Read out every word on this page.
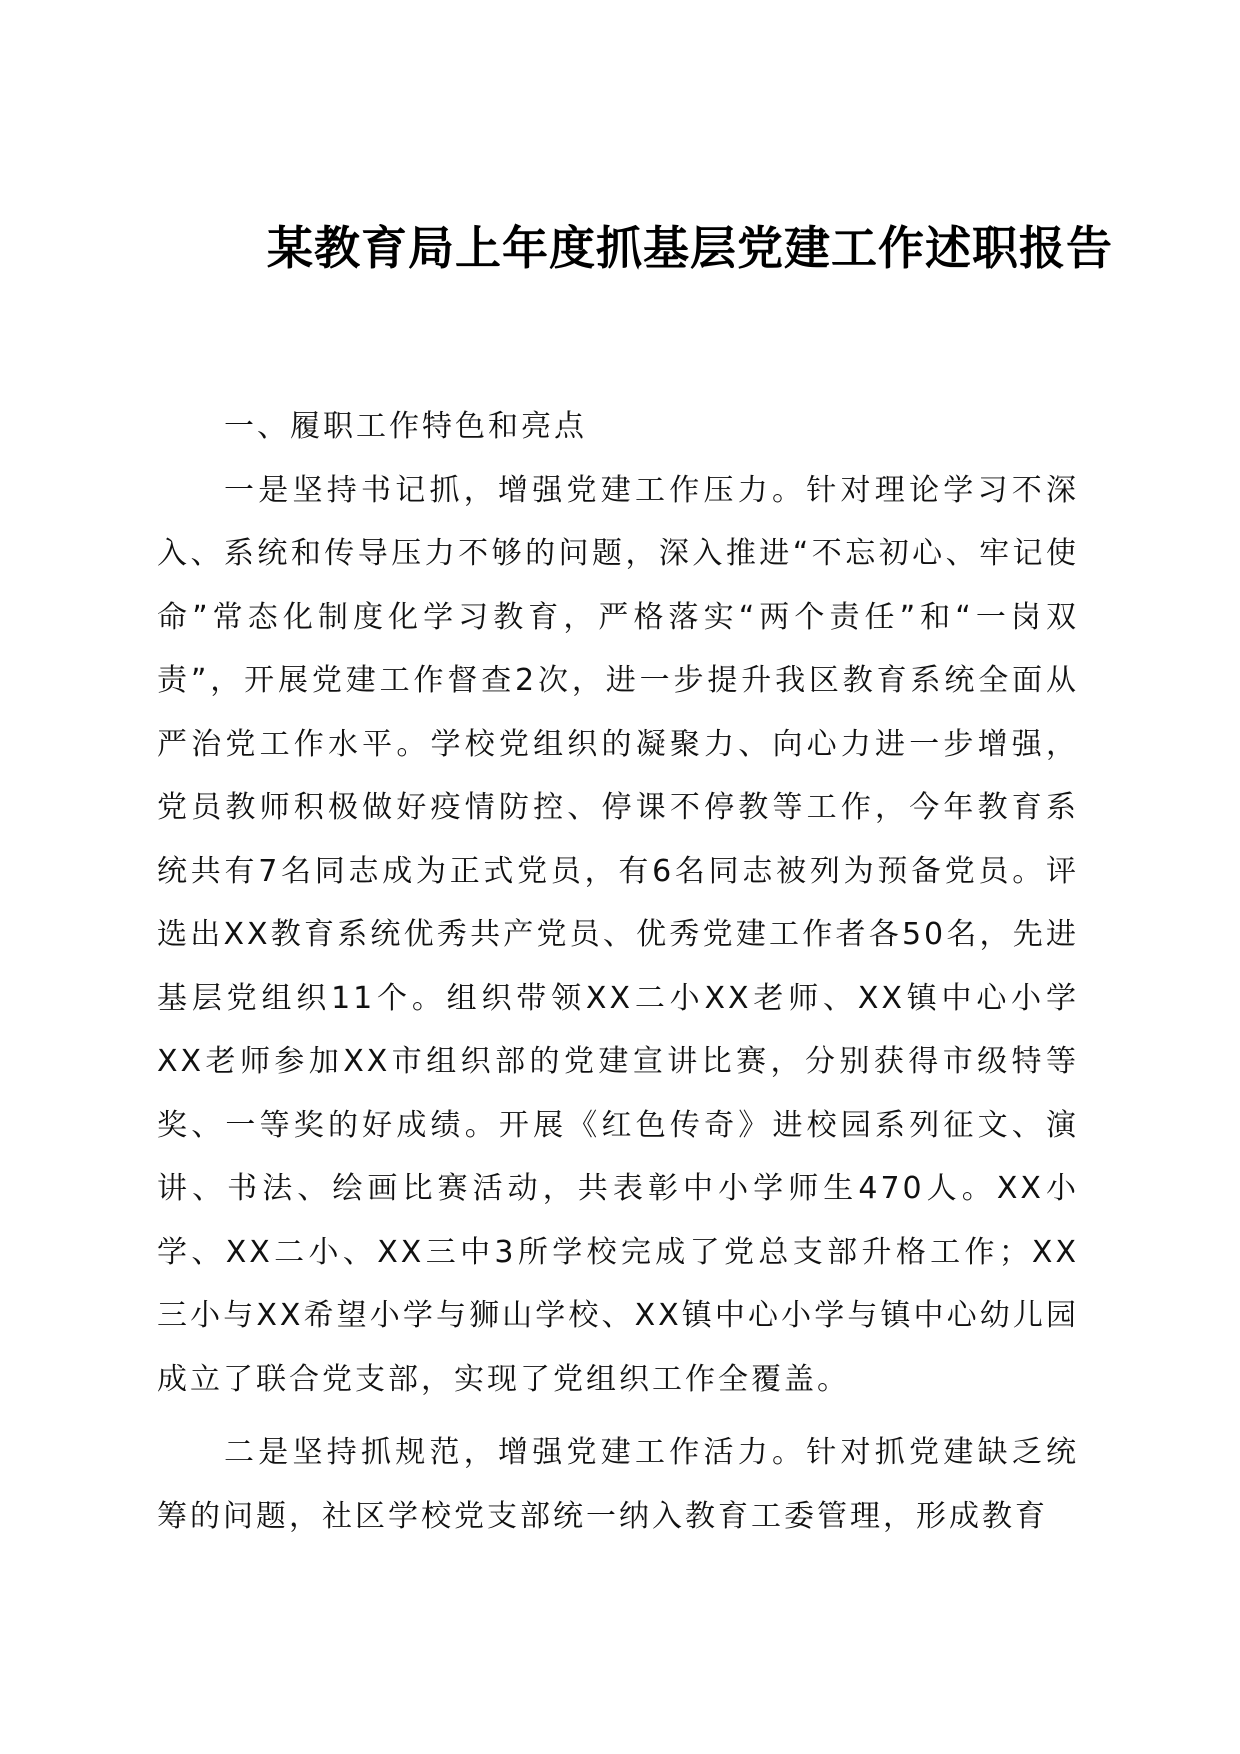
某教育局上年度抓基层党建工作述职报告

一、履职工作特色和亮点

一是坚持书记抓，增强党建工作压力。针对理论学习不深入、系统和传导压力不够的问题，深入推进“不忘初心、牢记使命”常态化制度化学习教育，严格落实“两个责任”和“一岗双责”，开展党建工作督查2次，进一步提升我区教育系统全面从严治党工作水平。学校党组织的凝聚力、向心力进一步增强，党员教师积极做好疫情防控、停课不停教等工作，今年教育系统共有7名同志成为正式党员，有6名同志被列为预备党员。评选出XX教育系统优秀共产党员、优秀党建工作者各50名，先进基层党组织11个。组织带领XX二小XX老师、XX镇中心小学XX老师参加XX市组织部的党建宣讲比赛，分别获得市级特等奖、一等奖的好成绩。开展《红色传奇》进校园系列征文、演讲、书法、绘画比赛活动，共表彰中小学师生470人。XX小学、XX二小、XX三中3所学校完成了党总支部升格工作；XX三小与XX希望小学与狮山学校、XX镇中心小学与镇中心幼儿园成立了联合党支部，实现了党组织工作全覆盖。

二是坚持抓规范，增强党建工作活力。针对抓党建缺乏统筹的问题，社区学校党支部统一纳入教育工委管理，形成教育
